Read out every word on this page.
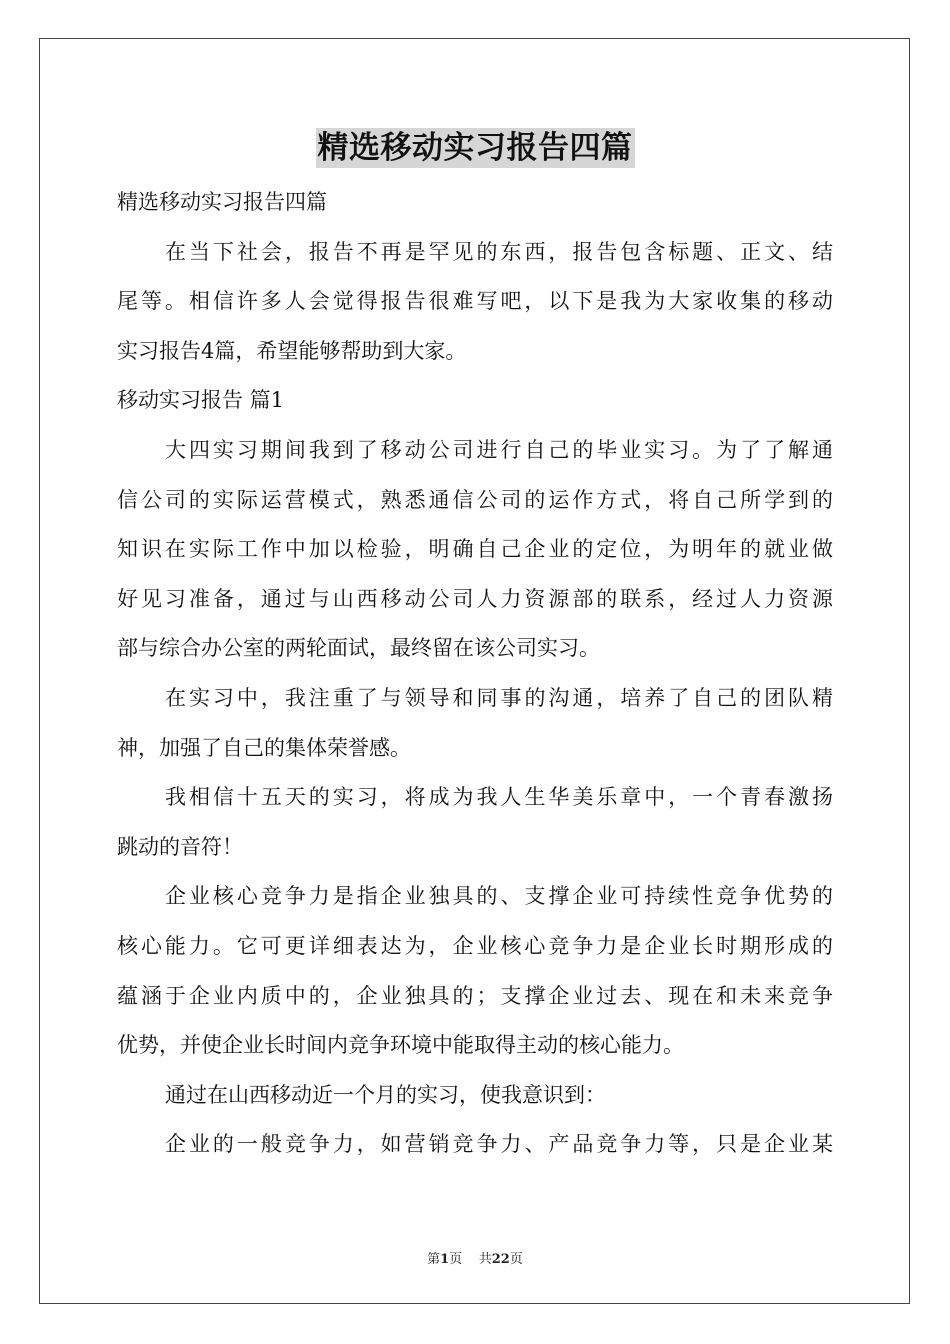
精选移动实习报告四篇
精选移动实习报告四篇
在当下社会，报告不再是罕见的东西，报告包含标题、正文、结
尾等。相信许多人会觉得报告很难写吧，以下是我为大家收集的移动
实习报告4篇，希望能够帮助到大家。
移动实习报告 篇1
大四实习期间我到了移动公司进行自己的毕业实习。为了了解通
信公司的实际运营模式，熟悉通信公司的运作方式，将自己所学到的
知识在实际工作中加以检验，明确自己企业的定位，为明年的就业做
好见习准备，通过与山西移动公司人力资源部的联系，经过人力资源
部与综合办公室的两轮面试，最终留在该公司实习。
在实习中，我注重了与领导和同事的沟通，培养了自己的团队精
神，加强了自己的集体荣誉感。
我相信十五天的实习，将成为我人生华美乐章中，一个青春激扬
跳动的音符！
企业核心竞争力是指企业独具的、支撑企业可持续性竞争优势的
核心能力。它可更详细表达为，企业核心竞争力是企业长时期形成的
蕴涵于企业内质中的，企业独具的；支撑企业过去、现在和未来竞争
优势，并使企业长时间内竞争环境中能取得主动的核心能力。
通过在山西移动近一个月的实习，使我意识到：
企业的一般竞争力，如营销竞争力、产品竞争力等，只是企业某
第1页 共22页
